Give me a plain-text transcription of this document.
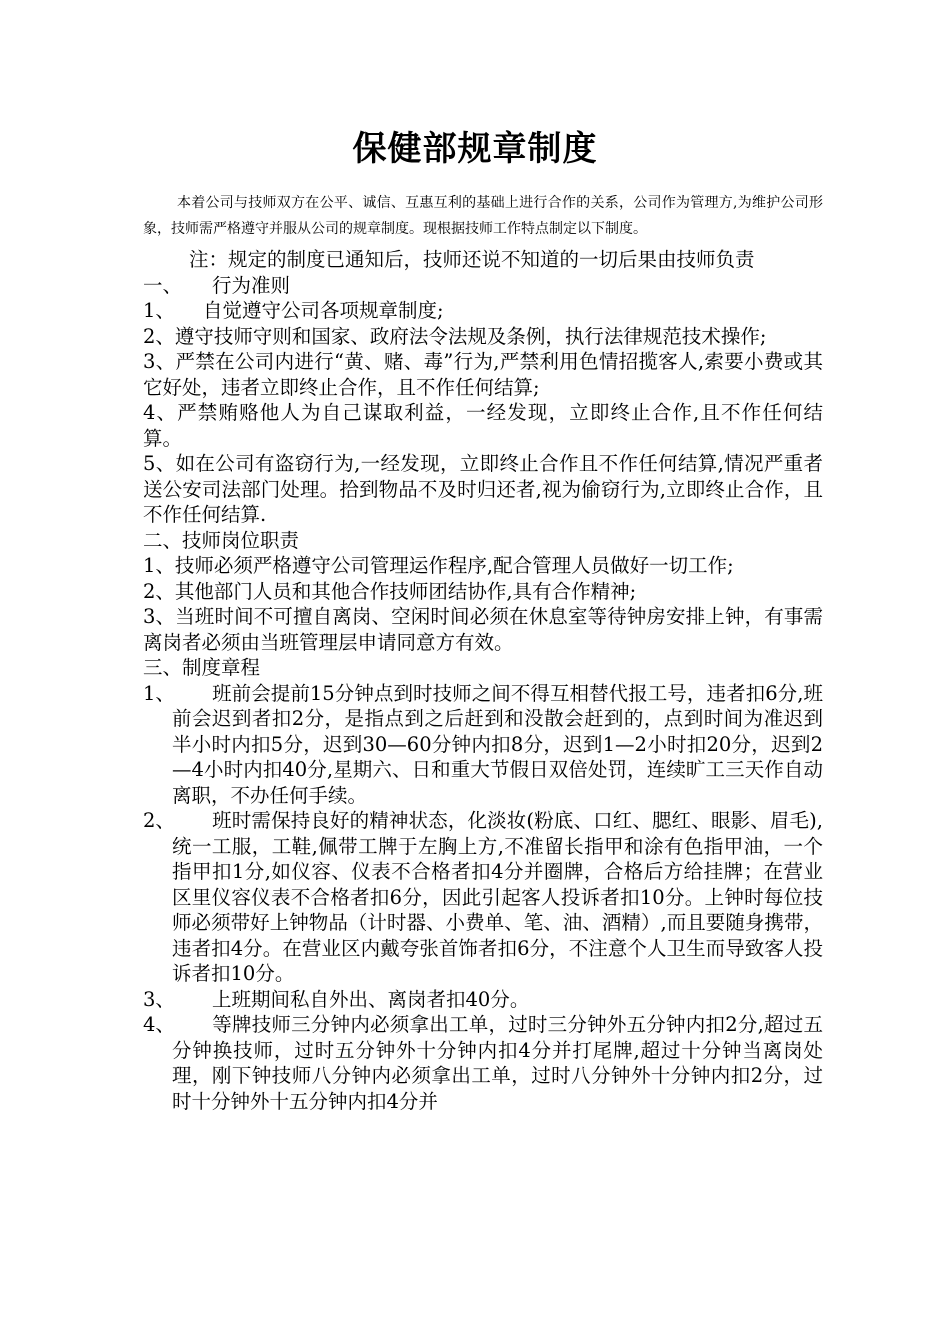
保健部规章制度

本着公司与技师双方在公平、诚信、互惠互利的基础上进行合作的关系，公司作为管理方,为维护公司形象，技师需严格遵守并服从公司的规章制度。现根据技师工作特点制定以下制度。

注：规定的制度已通知后，技师还说不知道的一切后果由技师负责

一、 行为准则

1、 自觉遵守公司各项规章制度;

2、遵守技师守则和国家、政府法令法规及条例，执行法律规范技术操作;

3、严禁在公司内进行“黄、赌、毒”行为,严禁利用色情招揽客人,索要小费或其它好处，违者立即终止合作，且不作任何结算;

4、严禁贿赂他人为自己谋取利益，一经发现，立即终止合作,且不作任何结算。

5、如在公司有盗窃行为,一经发现，立即终止合作且不作任何结算,情况严重者送公安司法部门处理。拾到物品不及时归还者,视为偷窃行为,立即终止合作，且不作任何结算.

二、技师岗位职责

1、技师必须严格遵守公司管理运作程序,配合管理人员做好一切工作;

2、其他部门人员和其他合作技师团结协作,具有合作精神;

3、当班时间不可擅自离岗、空闲时间必须在休息室等待钟房安排上钟，有事需离岗者必须由当班管理层申请同意方有效。

三、制度章程

1、 班前会提前15分钟点到时技师之间不得互相替代报工号，违者扣6分,班前会迟到者扣2分，是指点到之后赶到和没散会赶到的，点到时间为准迟到半小时内扣5分，迟到30—60分钟内扣8分，迟到1—2小时扣20分，迟到2—4小时内扣40分,星期六、日和重大节假日双倍处罚，连续旷工三天作自动离职，不办任何手续。
2、 班时需保持良好的精神状态，化淡妆(粉底、口红、腮红、眼影、眉毛),统一工服，工鞋,佩带工牌于左胸上方,不准留长指甲和涂有色指甲油，一个指甲扣1分,如仪容、仪表不合格者扣4分并圈牌，合格后方给挂牌；在营业区里仪容仪表不合格者扣6分，因此引起客人投诉者扣10分。上钟时每位技师必须带好上钟物品（计时器、小费单、笔、油、酒精）,而且要随身携带，违者扣4分。在营业区内戴夸张首饰者扣6分，不注意个人卫生而导致客人投诉者扣10分。
3、 上班期间私自外出、离岗者扣40分。
4、 等牌技师三分钟内必须拿出工单，过时三分钟外五分钟内扣2分,超过五分钟换技师，过时五分钟外十分钟内扣4分并打尾牌,超过十分钟当离岗处理，刚下钟技师八分钟内必须拿出工单，过时八分钟外十分钟内扣2分，过时十分钟外十五分钟内扣4分并
